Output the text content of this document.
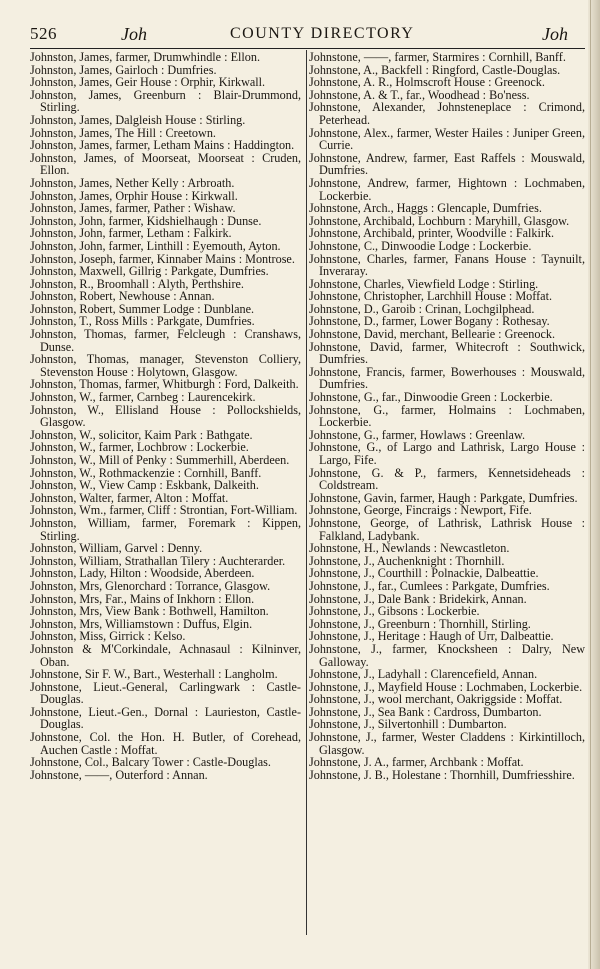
526	Joh	COUNTY DIRECTORY	Joh
Johnston, James, farmer, Drumwhindle : Ellon.
Johnston, James, Gairloch : Dumfries.
Johnston, James, Geir House : Orphir, Kirkwall.
Johnston, James, Greenburn : Blair-Drummond, Stirling.
Johnston, James, Dalgleish House : Stirling.
Johnston, James, The Hill : Creetown.
Johnston, James, farmer, Letham Mains : Haddington.
Johnston, James, of Moorseat, Moorseat : Cruden, Ellon.
Johnston, James, Nether Kelly : Arbroath.
Johnston, James, Orphir House : Kirkwall.
Johnston, James, farmer, Pather : Wishaw.
Johnston, John, farmer, Kidshielhaugh : Dunse.
Johnston, John, farmer, Letham : Falkirk.
Johnston, John, farmer, Linthill : Eyemouth, Ayton.
Johnston, Joseph, farmer, Kinnaber Mains : Montrose.
Johnston, Maxwell, Gillrig : Parkgate, Dumfries.
Johnston, R., Broomhall : Alyth, Perthshire.
Johnston, Robert, Newhouse : Annan.
Johnston, Robert, Summer Lodge : Dunblane.
Johnston, T., Ross Mills : Parkgate, Dumfries.
Johnston, Thomas, farmer, Felcleugh : Cranshaws, Dunse.
Johnston, Thomas, manager, Stevenston Colliery, Stevenston House : Holytown, Glasgow.
Johnston, Thomas, farmer, Whitburgh : Ford, Dalkeith.
Johnston, W., farmer, Carnbeg : Laurencekirk.
Johnston, W., Ellisland House : Pollockshields, Glasgow.
Johnston, W., solicitor, Kaim Park : Bathgate.
Johnston, W., farmer, Lochbrow : Lockerbie.
Johnston, W., Mill of Penky : Summerhill, Aberdeen.
Johnston, W., Rothmackenzie : Cornhill, Banff.
Johnston, W., View Camp : Eskbank, Dalkeith.
Johnston, Walter, farmer, Alton : Moffat.
Johnston, Wm., farmer, Cliff : Strontian, Fort-William.
Johnston, William, farmer, Foremark : Kippen, Stirling.
Johnston, William, Garvel : Denny.
Johnston, William, Strathallan Tilery : Auchterarder.
Johnston, Lady, Hilton : Woodside, Aberdeen.
Johnston, Mrs, Glenorchard : Torrance, Glasgow.
Johnston, Mrs, Far., Mains of Inkhorn : Ellon.
Johnston, Mrs, View Bank : Bothwell, Hamilton.
Johnston, Mrs, Williamstown : Duffus, Elgin.
Johnston, Miss, Girrick : Kelso.
Johnston & M'Corkindale, Achnasaul : Kilninver, Oban.
Johnstone, Sir F. W., Bart., Westerhall : Langholm.
Johnstone, Lieut.-General, Carlingwark : Castle-Douglas.
Johnstone, Lieut.-Gen., Dornal : Laurieston, Castle-Douglas.
Johnstone, Col. the Hon. H. Butler, of Corehead, Auchen Castle : Moffat.
Johnstone, Col., Balcary Tower : Castle-Douglas.
Johnstone, ——, Outerford : Annan.
Johnstone, ——, farmer, Starmires : Cornhill, Banff.
Johnstone, A., Backfell : Ringford, Castle-Douglas.
Johnstone, A. R., Holmscroft House : Greenock.
Johnstone, A. & T., far., Woodhead : Bo'ness.
Johnstone, Alexander, Johnsteneplace : Crimond, Peterhead.
Johnstone, Alex., farmer, Wester Hailes : Juniper Green, Currie.
Johnstone, Andrew, farmer, East Raffels : Mouswald, Dumfries.
Johnstone, Andrew, farmer, Hightown : Lochmaben, Lockerbie.
Johnstone, Arch., Haggs : Glencaple, Dumfries.
Johnstone, Archibald, Lochburn : Maryhill, Glasgow.
Johnstone, Archibald, printer, Woodville : Falkirk.
Johnstone, C., Dinwoodie Lodge : Lockerbie.
Johnstone, Charles, farmer, Fanans House : Taynuilt, Inveraray.
Johnstone, Charles, Viewfield Lodge : Stirling.
Johnstone, Christopher, Larchhill House : Moffat.
Johnstone, D., Garoib : Crinan, Lochgilphead.
Johnstone, D., farmer, Lower Bogany : Rothesay.
Johnstone, David, merchant, Bellearie : Greenock.
Johnstone, David, farmer, Whitecroft : Southwick, Dumfries.
Johnstone, Francis, farmer, Bowerhouses : Mouswald, Dumfries.
Johnstone, G., far., Dinwoodie Green : Lockerbie.
Johnstone, G., farmer, Holmains : Lochmaben, Lockerbie.
Johnstone, G., farmer, Howlaws : Greenlaw.
Johnstone, G., of Largo and Lathrisk, Largo House : Largo, Fife.
Johnstone, G. & P., farmers, Kennetsideheads : Coldstream.
Johnstone, Gavin, farmer, Haugh : Parkgate, Dumfries.
Johnstone, George, Fincraigs : Newport, Fife.
Johnstone, George, of Lathrisk, Lathrisk House : Falkland, Ladybank.
Johnstone, H., Newlands : Newcastleton.
Johnstone, J., Auchenknight : Thornhill.
Johnstone, J., Courthill : Polnackie, Dalbeattie.
Johnstone, J., far., Cumlees : Parkgate, Dumfries.
Johnstone, J., Dale Bank : Bridekirk, Annan.
Johnstone, J., Gibsons : Lockerbie.
Johnstone, J., Greenburn : Thornhill, Stirling.
Johnstone, J., Heritage : Haugh of Urr, Dalbeattie.
Johnstone, J., farmer, Knocksheen : Dalry, New Galloway.
Johnstone, J., Ladyhall : Clarencefield, Annan.
Johnstone, J., Mayfield House : Lochmaben, Lockerbie.
Johnstone, J., wool merchant, Oakriggside : Moffat.
Johnstone, J., Sea Bank : Cardross, Dumbarton.
Johnstone, J., Silvertonhill : Dumbarton.
Johnstone, J., farmer, Wester Claddens : Kirkintilloch, Glasgow.
Johnstone, J. A., farmer, Archbank : Moffat.
Johnstone, J. B., Holestane : Thornhill, Dumfriesshire.
